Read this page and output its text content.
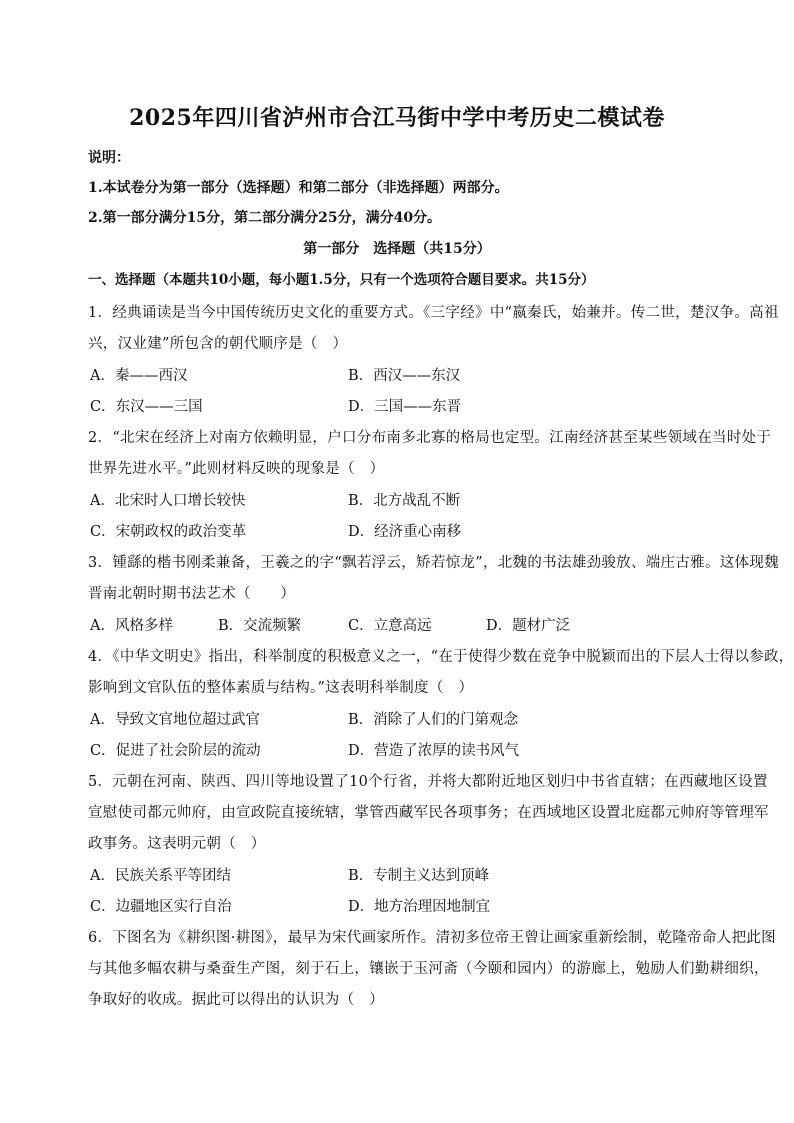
2025年四川省泸州市合江马街中学中考历史二模试卷
说明：
1.本试卷分为第一部分（选择题）和第二部分（非选择题）两部分。
2.第一部分满分15分，第二部分满分25分，满分40分。
第一部分　选择题（共15分）
一、选择题（本题共10小题，每小题1.5分，只有一个选项符合题目要求。共15分）
1．经典诵读是当今中国传统历史文化的重要方式。《三字经》中“嬴秦氏，始兼并。传二世，楚汉争。高祖
兴，汉业建”所包含的朝代顺序是（　）
A．秦——西汉	B．西汉——东汉
C．东汉——三国	D．三国——东晋
2．“北宋在经济上对南方依赖明显，户口分布南多北寡的格局也定型。江南经济甚至某些领域在当时处于
世界先进水平。”此则材料反映的现象是（　）
A．北宋时人口增长较快	B．北方战乱不断
C．宋朝政权的政治变革	D．经济重心南移
3．锺繇的楷书刚柔兼备，王羲之的字“飘若浮云，矫若惊龙”，北魏的书法雄劲骏放、端庄古雅。这体现魏
晋南北朝时期书法艺术（　　）
A．风格多样	B．交流频繁	C．立意高远	D．题材广泛
4．《中华文明史》指出，科举制度的积极意义之一，“在于使得少数在竞争中脱颖而出的下层人士得以参政，
影响到文官队伍的整体素质与结构。”这表明科举制度（　）
A．导致文官地位超过武官	B．消除了人们的门第观念
C．促进了社会阶层的流动	D．营造了浓厚的读书风气
5．元朝在河南、陕西、四川等地设置了10个行省，并将大都附近地区划归中书省直辖；在西藏地区设置
宣慰使司都元帅府，由宣政院直接统辖，掌管西藏军民各项事务；在西域地区设置北庭都元帅府等管理军
政事务。这表明元朝（　）
A．民族关系平等团结	B．专制主义达到顶峰
C．边疆地区实行自治	D．地方治理因地制宜
6．下图名为《耕织图·耕图》，最早为宋代画家所作。清初多位帝王曾让画家重新绘制，乾隆帝命人把此图
与其他多幅农耕与桑蚕生产图，刻于石上，镶嵌于玉河斋（今颐和园内）的游廊上，勉励人们勤耕细织，
争取好的收成。据此可以得出的认识为（　）
